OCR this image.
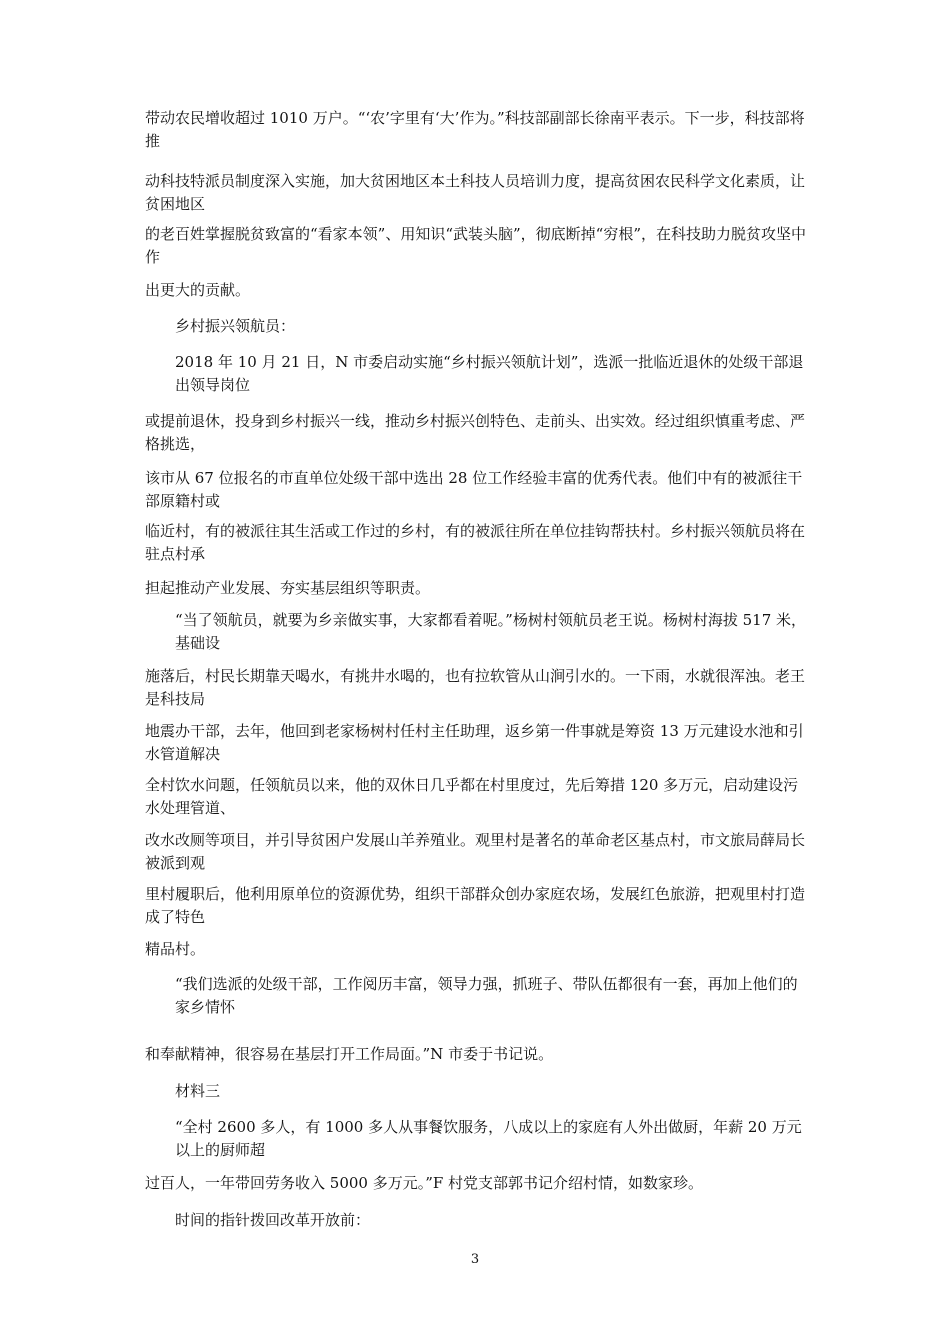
带动农民增收超过 1010 万户。“‘农’字里有‘大’作为。”科技部副部长徐南平表示。下一步，科技部将推

动科技特派员制度深入实施，加大贫困地区本土科技人员培训力度，提高贫困农民科学文化素质，让贫困地区

的老百姓掌握脱贫致富的“看家本领”、用知识“武装头脑”，彻底断掉“穷根”，在科技助力脱贫攻坚中作

出更大的贡献。

乡村振兴领航员：

2018 年 10 月 21 日，N 市委启动实施“乡村振兴领航计划”，选派一批临近退休的处级干部退出领导岗位

或提前退休，投身到乡村振兴一线，推动乡村振兴创特色、走前头、出实效。经过组织慎重考虑、严格挑选，

该市从 67 位报名的市直单位处级干部中选出 28 位工作经验丰富的优秀代表。他们中有的被派往干部原籍村或

临近村，有的被派往其生活或工作过的乡村，有的被派往所在单位挂钩帮扶村。乡村振兴领航员将在驻点村承

担起推动产业发展、夯实基层组织等职责。

“当了领航员，就要为乡亲做实事，大家都看着呢。”杨树村领航员老王说。杨树村海拔 517 米，基础设

施落后，村民长期靠天喝水，有挑井水喝的，也有拉软管从山涧引水的。一下雨，水就很浑浊。老王是科技局

地震办干部，去年，他回到老家杨树村任村主任助理，返乡第一件事就是筹资 13 万元建设水池和引水管道解决

全村饮水问题，任领航员以来，他的双休日几乎都在村里度过，先后筹措 120 多万元，启动建设污水处理管道、

改水改厕等项目，并引导贫困户发展山羊养殖业。观里村是著名的革命老区基点村，市文旅局薛局长被派到观

里村履职后，他利用原单位的资源优势，组织干部群众创办家庭农场，发展红色旅游，把观里村打造成了特色

精品村。

“我们选派的处级干部，工作阅历丰富，领导力强，抓班子、带队伍都很有一套，再加上他们的家乡情怀

和奉献精神，很容易在基层打开工作局面。”N 市委于书记说。

材料三

“全村 2600 多人，有 1000 多人从事餐饮服务，八成以上的家庭有人外出做厨，年薪 20 万元以上的厨师超

过百人，一年带回劳务收入 5000 多万元。”F 村党支部郭书记介绍村情，如数家珍。

时间的指针拨回改革开放前：

3
